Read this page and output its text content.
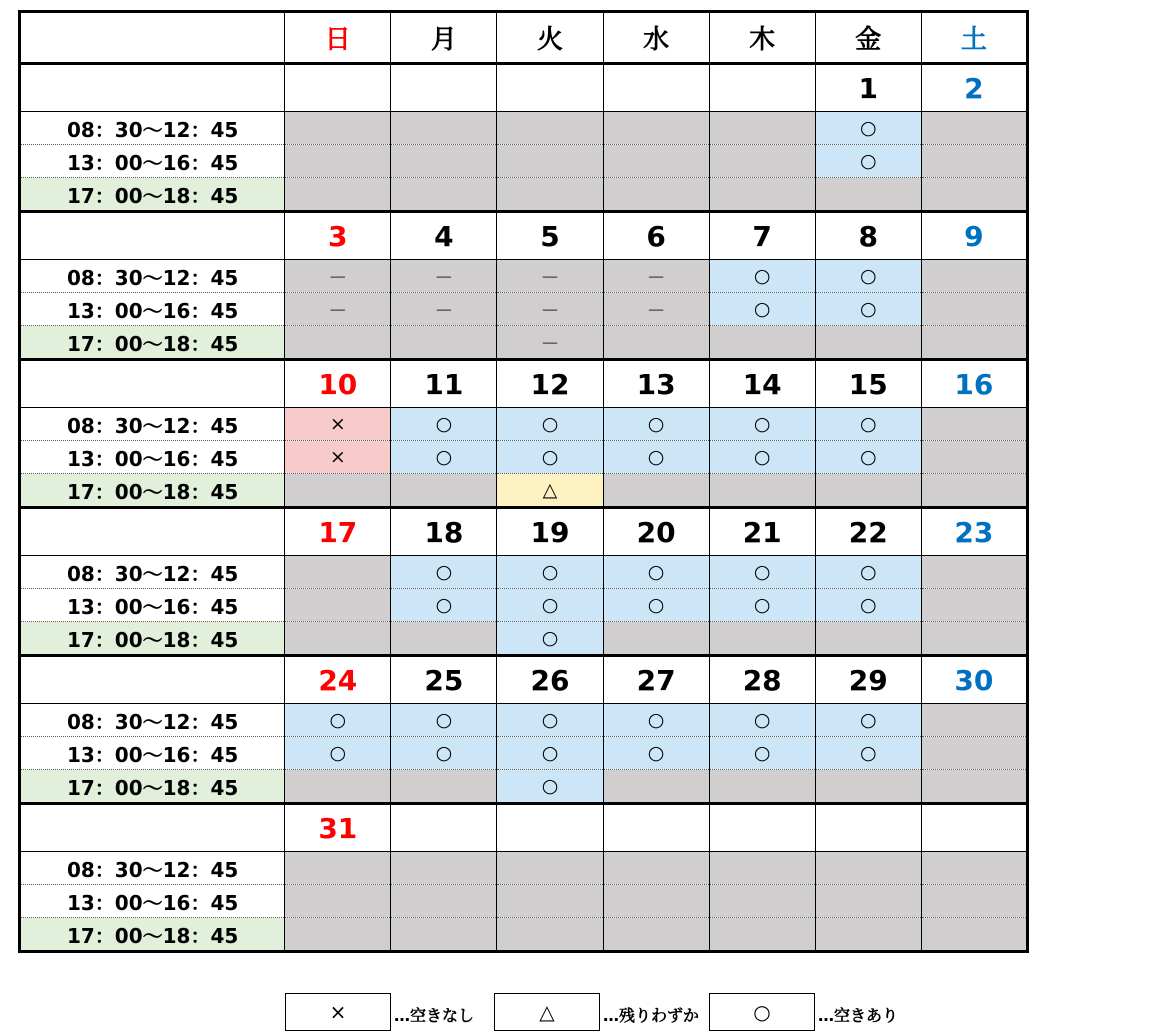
	日	月	火	水	木	金	土
						1	2
08：30〜12：45						○	
13：00〜16：45						○	
17：00〜18：45							
	3	4	5	6	7	8	9
08：30〜12：45	－	－	－	－	○	○	
13：00〜16：45	－	－	－	－	○	○	
17：00〜18：45			－				
	10	11	12	13	14	15	16
08：30〜12：45	×	○	○	○	○	○	
13：00〜16：45	×	○	○	○	○	○	
17：00〜18：45			△				
	17	18	19	20	21	22	23
08：30〜12：45		○	○	○	○	○	
13：00〜16：45		○	○	○	○	○	
17：00〜18：45			○				
	24	25	26	27	28	29	30
08：30〜12：45	○	○	○	○	○	○	
13：00〜16：45	○	○	○	○	○	○	
17：00〜18：45			○				
	31						
08：30〜12：45							
13：00〜16：45							
17：00〜18：45							
×	…空きなし	△	…残りわずか	○	…空きあり
